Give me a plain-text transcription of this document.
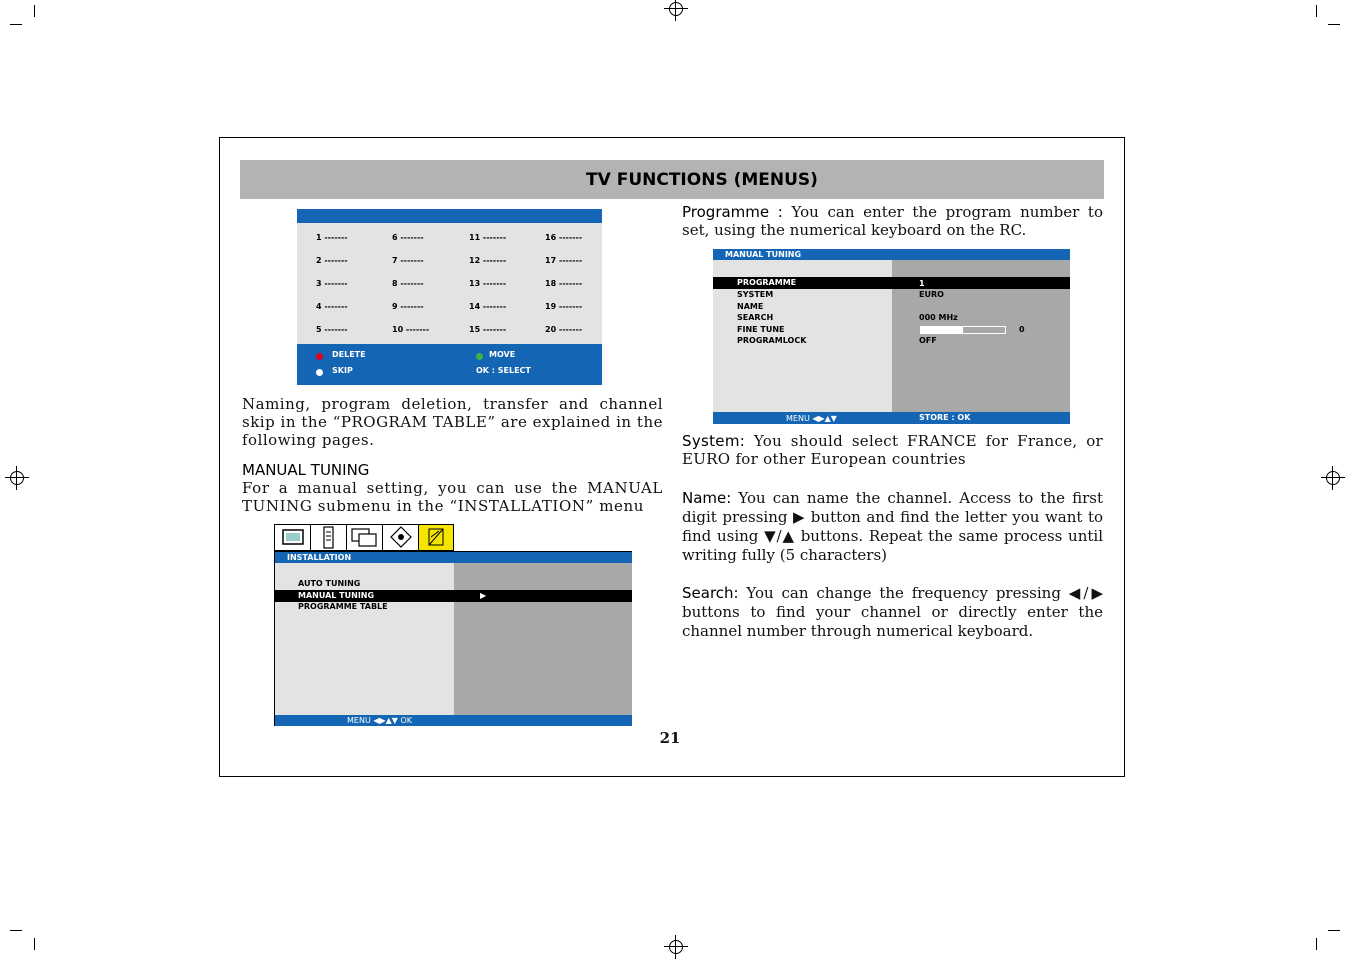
TV FUNCTIONS (MENUS)
1 -------	6 -------	11 -------	16 -------
2 -------	7 -------	12 -------	17 -------
3 -------	8 -------	13 -------	18 -------
4 -------	9 -------	14 -------	19 -------
5 -------	10 -------	15 -------	20 -------
DELETE	MOVE
SKIP	OK : SELECT
Naming, program deletion, transfer and channel skip in the “PROGRAM TABLE” are explained in the following pages.
MANUAL TUNING
For a manual setting, you can use the MANUAL TUNING submenu in the “INSTALLATION” menu
INSTALLATION
AUTO TUNING
MANUAL TUNING	▶
PROGRAMME TABLE
MENU ◀▶▲▼ OK
21
Programme : You can enter the program number to set, using the numerical keyboard on the RC.
MANUAL TUNING
PROGRAMME	1
SYSTEM	EURO
NAME
SEARCH	000 MHz
FINE TUNE	0
PROGRAMLOCK	OFF
MENU ◀▶▲▼	STORE : OK
System: You should select FRANCE for France, or EURO for other European countries
Name: You can name the channel. Access to the first digit pressing ▶ button and find the letter you want to find using ▼/▲ buttons. Repeat the same process until writing fully (5 characters)
Search: You can change the frequency pressing ◀/▶ buttons to find your channel or directly enter the channel number through numerical keyboard.
